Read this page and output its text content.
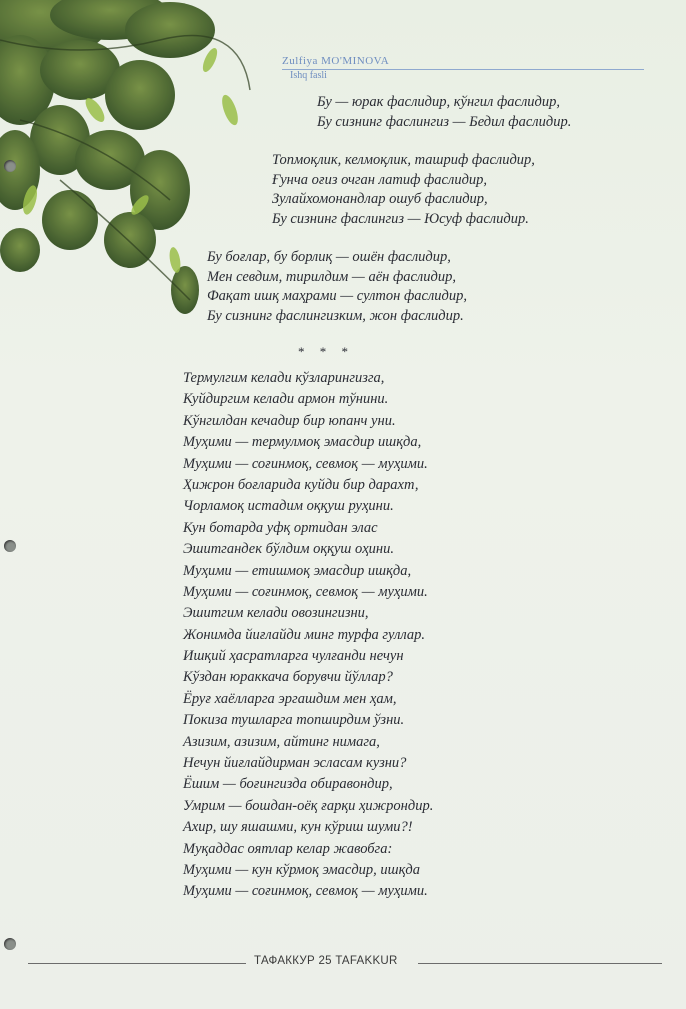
Zulfiya MO'MINOVA
Ishq fasli
Бу — юрак фаслидир, кўнгил фаслидир,
Бу сизнинг фаслингиз — Бедил фаслидир.
Топмоқлик, келмоқлик, ташриф фаслидир,
Ғунча оғиз очган латиф фаслидир,
Зулайхомонандлар ошуб фаслидир,
Бу сизнинг фаслингиз — Юсуф фаслидир.
Бу боғлар, бу борлиқ — ошён фаслидир,
Мен севдим, тирилдим — аён фаслидир,
Фақат ишқ маҳрами — султон фаслидир,
Бу сизнинг фаслингизким, жон фаслидир.
* * *
Термулгим келади кўзларингизга,
Куйдиргим келади армон тўнини.
Кўнгилдан кечадир бир юпанч уни.
Муҳими — термулмоқ эмасдир ишқда,
Муҳими — соғинмоқ, севмоқ — муҳими.
Ҳижрон боғларида куйди бир дарахт,
Чорламоқ истадим оққуш руҳини.
Кун ботарда уфқ ортидан элас
Эшитгандек бўлдим оққуш оҳини.
Муҳими — етишмоқ эмасдир ишқда,
Муҳими — соғинмоқ, севмоқ — муҳими.
Эшитгим келади овозингизни,
Жонимда йиғлайди минг турфа гуллар.
Ишқий ҳасратларга чулғанди нечун
Кўздан юраккача борувчи йўллар?
Ёруғ хаёлларга эргашдим мен ҳам,
Покиза тушларга топширдим ўзни.
Азизим, азизим, айтинг нимага,
Нечун йиғлайдирман эсласам кузни?
Ёшим — боғингизда обиравондир,
Умрим — бошдан-оёқ ғарқи ҳижрондир.
Ахир, шу яшашми, кун кўриш шуми?!
Муқаддас оятлар келар жавобга:
Муҳими — кун кўрмоқ эмасдир, ишқда
Муҳими — соғинмоқ, севмоқ — муҳими.
ТАФАККУР 25 TAFAKKUR
